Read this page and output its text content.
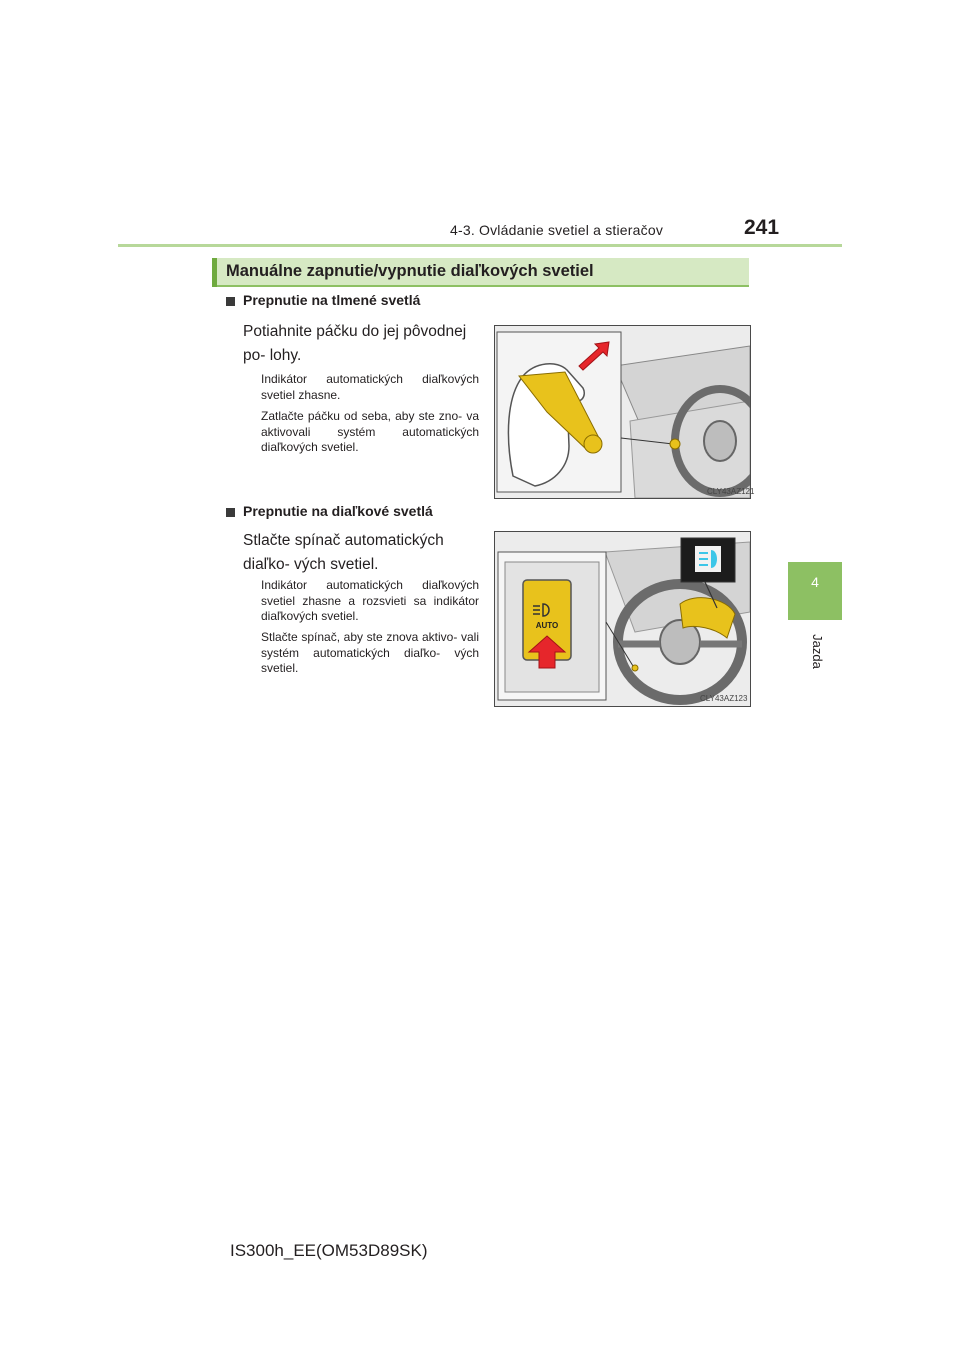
4-3. Ovládanie svetiel a stieračov	241
4
Jazda
Manuálne zapnutie/vypnutie diaľkových svetiel
Prepnutie na tlmené svetlá
Potiahnite páčku do jej pôvodnej po- lohy.
Indikátor automatických diaľkových svetiel zhasne.
Zatlačte páčku od seba, aby ste zno- va aktivovali systém automatických diaľkových svetiel.
CLY43AZ121
Prepnutie na diaľkové svetlá
Stlačte spínač automatických diaľko- vých svetiel.
Indikátor automatických diaľkových svetiel zhasne a rozsvieti sa indikátor diaľkových svetiel.
Stlačte spínač, aby ste znova aktivo- vali systém automatických diaľko- vých svetiel.
AUTO
CLY43AZ123
IS300h_EE(OM53D89SK)
